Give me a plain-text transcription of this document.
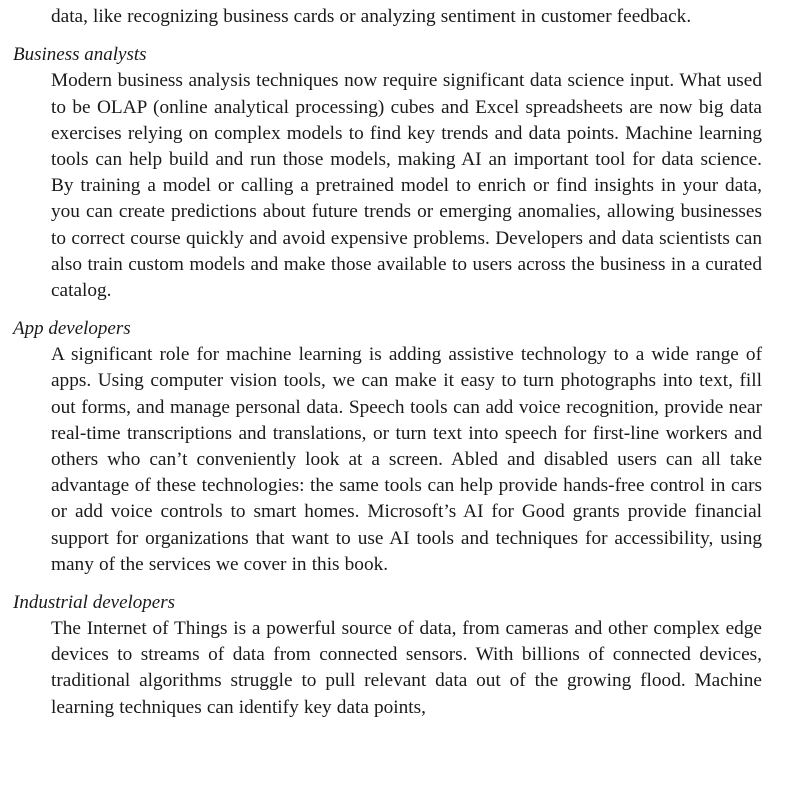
data, like recognizing business cards or analyzing sentiment in customer feedback.

Business analysts

Modern business analysis techniques now require significant data science input. What used to be OLAP (online analytical processing) cubes and Excel spreadsheets are now big data exercises relying on complex models to find key trends and data points. Machine learning tools can help build and run those models, making AI an important tool for data science. By training a model or calling a pretrained model to enrich or find insights in your data, you can create predictions about future trends or emerging anomalies, allowing businesses to correct course quickly and avoid expensive problems. Developers and data scientists can also train custom models and make those available to users across the business in a curated catalog.

App developers

A significant role for machine learning is adding assistive technology to a wide range of apps. Using computer vision tools, we can make it easy to turn photographs into text, fill out forms, and manage personal data. Speech tools can add voice recognition, provide near real-time transcriptions and translations, or turn text into speech for first-line workers and others who can’t conveniently look at a screen. Abled and disabled users can all take advantage of these technologies: the same tools can help provide hands-free control in cars or add voice controls to smart homes. Microsoft’s AI for Good grants provide financial support for organizations that want to use AI tools and techniques for accessibility, using many of the services we cover in this book.

Industrial developers

The Internet of Things is a powerful source of data, from cameras and other complex edge devices to streams of data from connected sensors. With billions of connected devices, traditional algorithms struggle to pull relevant data out of the growing flood. Machine learning techniques can identify key data points,
